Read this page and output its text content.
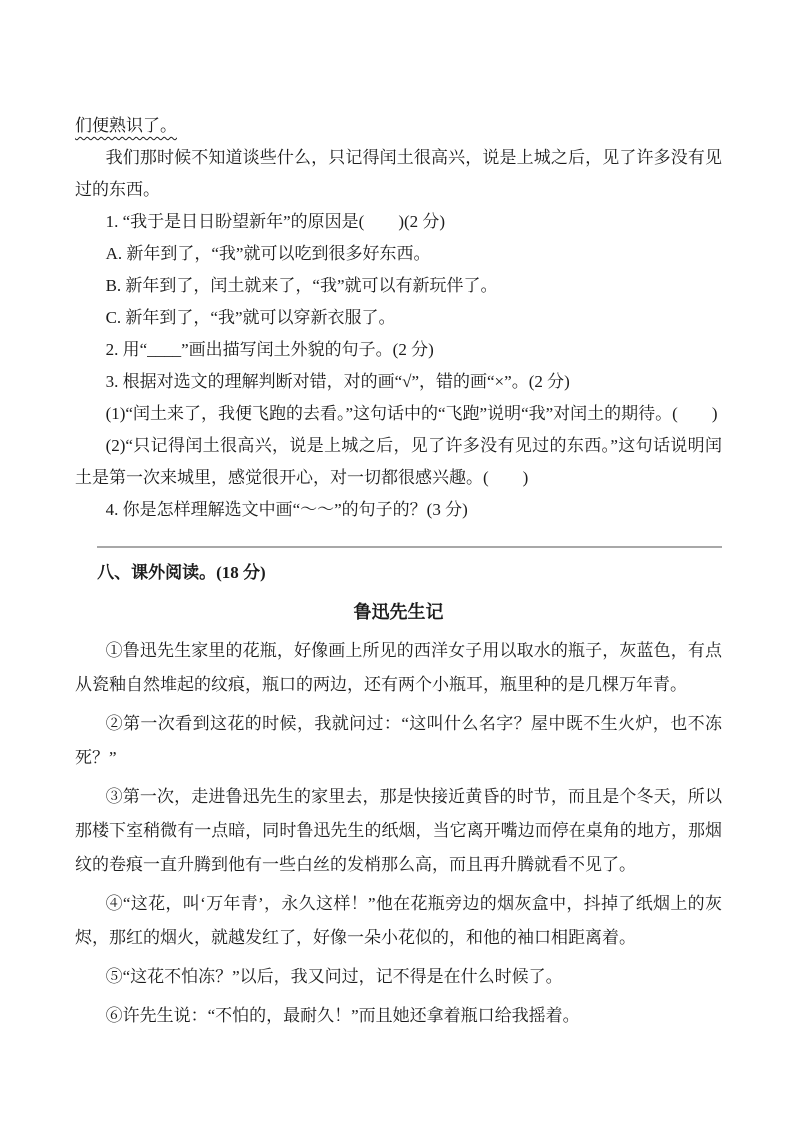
们便熟识了。

我们那时候不知道谈些什么，只记得闰土很高兴，说是上城之后，见了许多没有见过的东西。

1. “我于是日日盼望新年”的原因是(　　)(2 分)

A. 新年到了，“我”就可以吃到很多好东西。

B. 新年到了，闰土就来了，“我”就可以有新玩伴了。

C. 新年到了，“我”就可以穿新衣服了。

2. 用“____”画出描写闰土外貌的句子。(2 分)

3. 根据对选文的理解判断对错，对的画“√”，错的画“×”。(2 分)

(1)“闰土来了，我便飞跑的去看。”这句话中的“飞跑”说明“我”对闰土的期待。(　　)

(2)“只记得闰土很高兴，说是上城之后，见了许多没有见过的东西。”这句话说明闰土是第一次来城里，感觉很开心，对一切都很感兴趣。(　　)

4. 你是怎样理解选文中画“～～”的句子的？(3 分)

八、课外阅读。(18 分)

鲁迅先生记

①鲁迅先生家里的花瓶，好像画上所见的西洋女子用以取水的瓶子，灰蓝色，有点从瓷釉自然堆起的纹痕，瓶口的两边，还有两个小瓶耳，瓶里种的是几棵万年青。

②第一次看到这花的时候，我就问过：“这叫什么名字？屋中既不生火炉，也不冻死？”

③第一次，走进鲁迅先生的家里去，那是快接近黄昏的时节，而且是个冬天，所以那楼下室稍微有一点暗，同时鲁迅先生的纸烟，当它离开嘴边而停在桌角的地方，那烟纹的卷痕一直升腾到他有一些白丝的发梢那么高，而且再升腾就看不见了。

④“这花，叫‘万年青’，永久这样！”他在花瓶旁边的烟灰盒中，抖掉了纸烟上的灰烬，那红的烟火，就越发红了，好像一朵小花似的，和他的袖口相距离着。

⑤“这花不怕冻？”以后，我又问过，记不得是在什么时候了。

⑥许先生说：“不怕的，最耐久！”而且她还拿着瓶口给我摇着。
